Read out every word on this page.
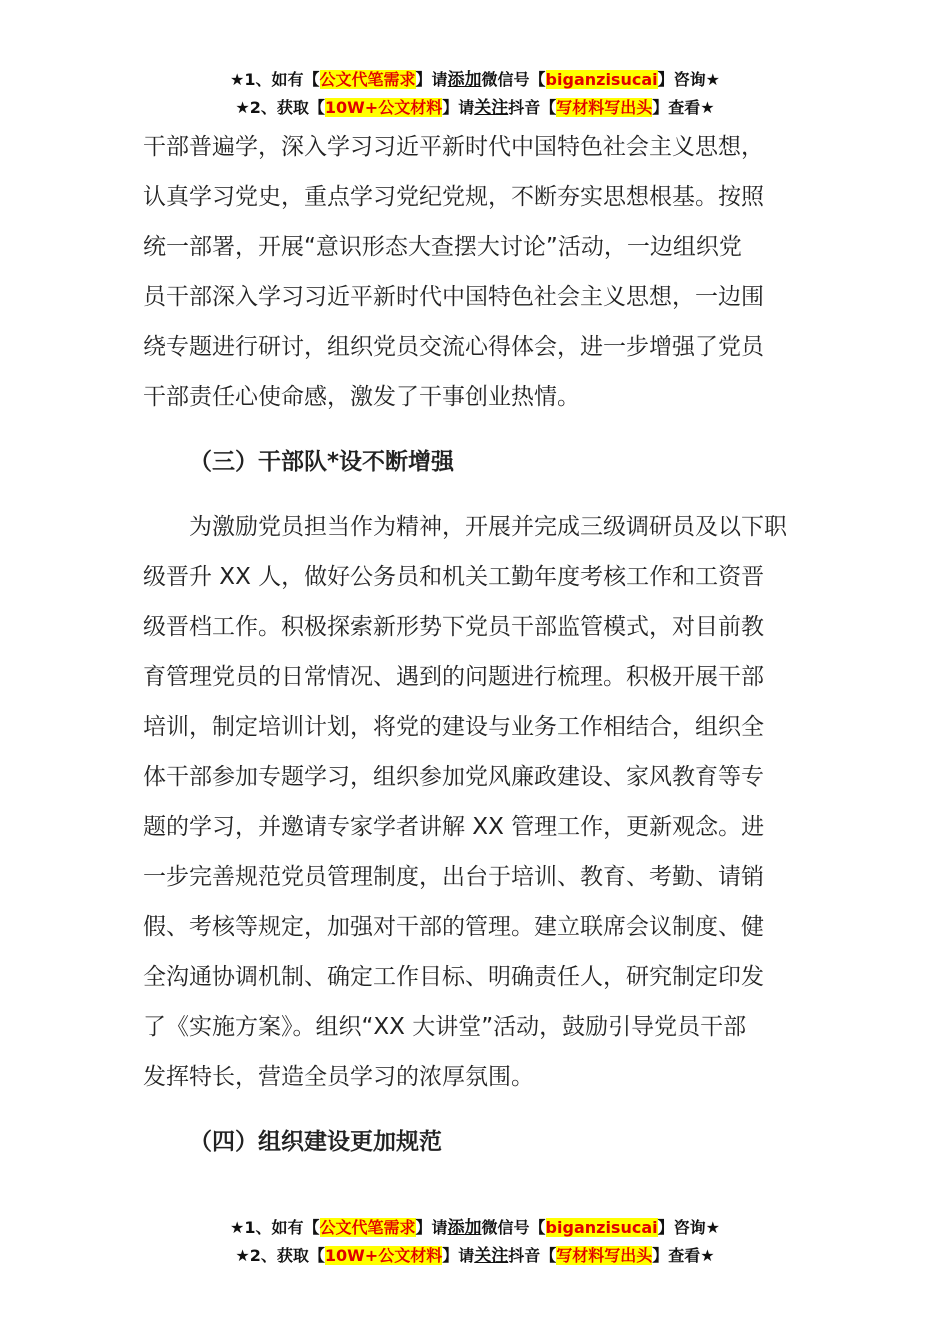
★1、如有【公文代笔需求】请添加微信号【biganzisucai】咨询★
★2、获取【10W+公文材料】请关注抖音【写材料写出头】查看★

干部普遍学，深入学习习近平新时代中国特色社会主义思想，
认真学习党史，重点学习党纪党规，不断夯实思想根基。按照
统一部署，开展“意识形态大查摆大讨论”活动，一边组织党
员干部深入学习习近平新时代中国特色社会主义思想，一边围
绕专题进行研讨，组织党员交流心得体会，进一步增强了党员
干部责任心使命感，激发了干事创业热情。

（三）干部队*设不断增强

为激励党员担当作为精神，开展并完成三级调研员及以下职
级晋升 XX 人，做好公务员和机关工勤年度考核工作和工资晋
级晋档工作。积极探索新形势下党员干部监管模式，对目前教
育管理党员的日常情况、遇到的问题进行梳理。积极开展干部
培训，制定培训计划，将党的建设与业务工作相结合，组织全
体干部参加专题学习，组织参加党风廉政建设、家风教育等专
题的学习，并邀请专家学者讲解 XX 管理工作，更新观念。进
一步完善规范党员管理制度，出台于培训、教育、考勤、请销
假、考核等规定，加强对干部的管理。建立联席会议制度、健
全沟通协调机制、确定工作目标、明确责任人，研究制定印发
了《实施方案》。组织“XX 大讲堂”活动，鼓励引导党员干部
发挥特长，营造全员学习的浓厚氛围。

（四）组织建设更加规范

★1、如有【公文代笔需求】请添加微信号【biganzisucai】咨询★
★2、获取【10W+公文材料】请关注抖音【写材料写出头】查看★
